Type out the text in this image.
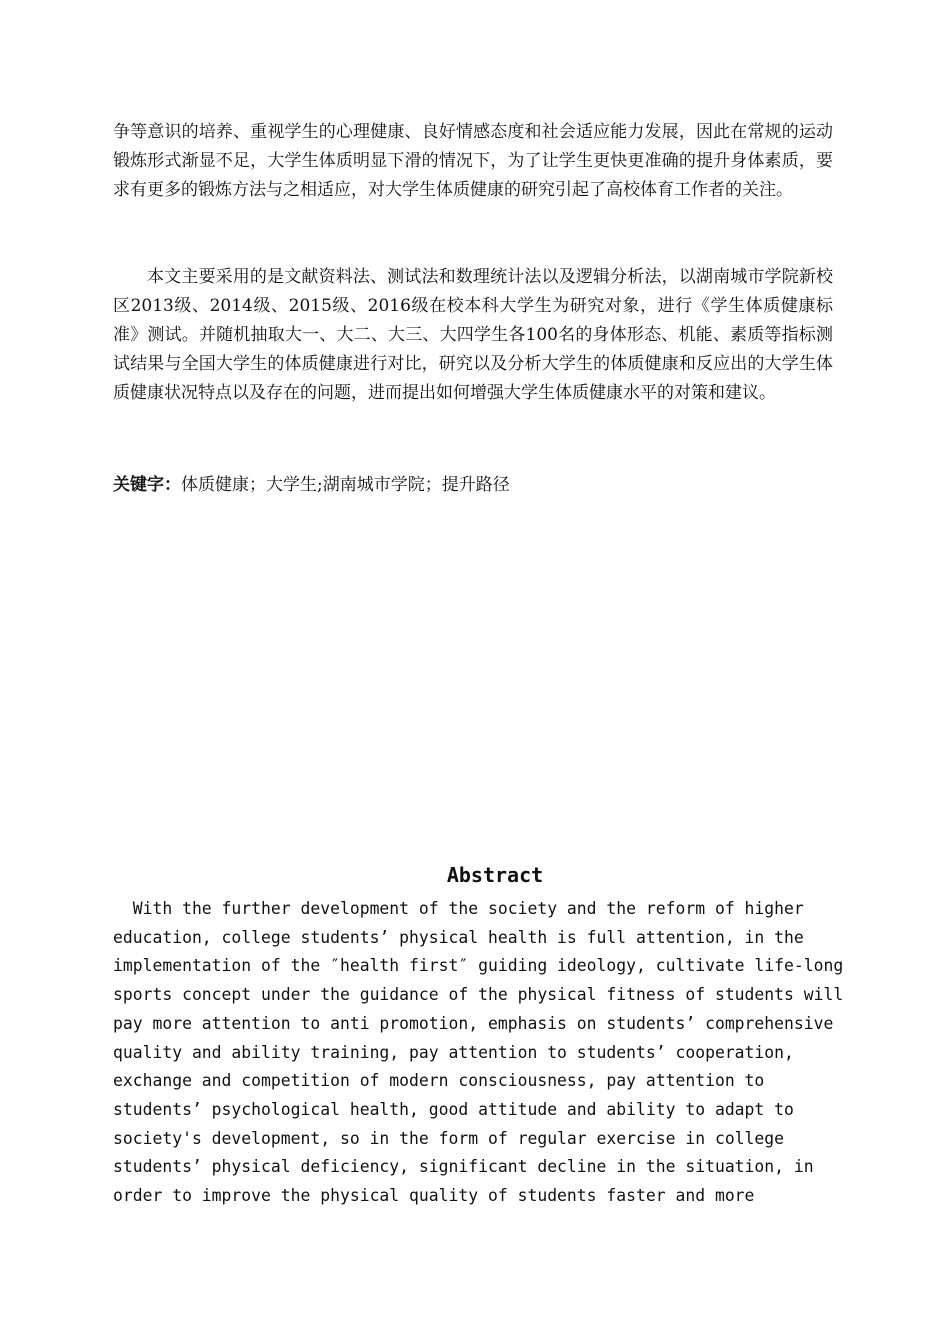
争等意识的培养、重视学生的心理健康、良好情感态度和社会适应能力发展，因此在常规的运动锻炼形式渐显不足，大学生体质明显下滑的情况下，为了让学生更快更准确的提升身体素质，要求有更多的锻炼方法与之相适应，对大学生体质健康的研究引起了高校体育工作者的关注。

本文主要采用的是文献资料法、测试法和数理统计法以及逻辑分析法，以湖南城市学院新校区2013级、2014级、2015级、2016级在校本科大学生为研究对象，进行《学生体质健康标准》测试。并随机抽取大一、大二、大三、大四学生各100名的身体形态、机能、素质等指标测试结果与全国大学生的体质健康进行对比，研究以及分析大学生的体质健康和反应出的大学生体质健康状况特点以及存在的问题，进而提出如何增强大学生体质健康水平的对策和建议。

关键字：体质健康；大学生;湖南城市学院；提升路径

Abstract
With the further development of the society and the reform of higher
education, college students’ physical health is full attention, in the
implementation of the ″health first″ guiding ideology, cultivate life-long
sports concept under the guidance of the physical fitness of students will
pay more attention to anti promotion, emphasis on students’ comprehensive
quality and ability training, pay attention to students’ cooperation,
exchange and competition of modern consciousness, pay attention to
students’ psychological health, good attitude and ability to adapt to
society's development, so in the form of regular exercise in college
students’ physical deficiency, significant decline in the situation, in
order to improve the physical quality of students faster and more
